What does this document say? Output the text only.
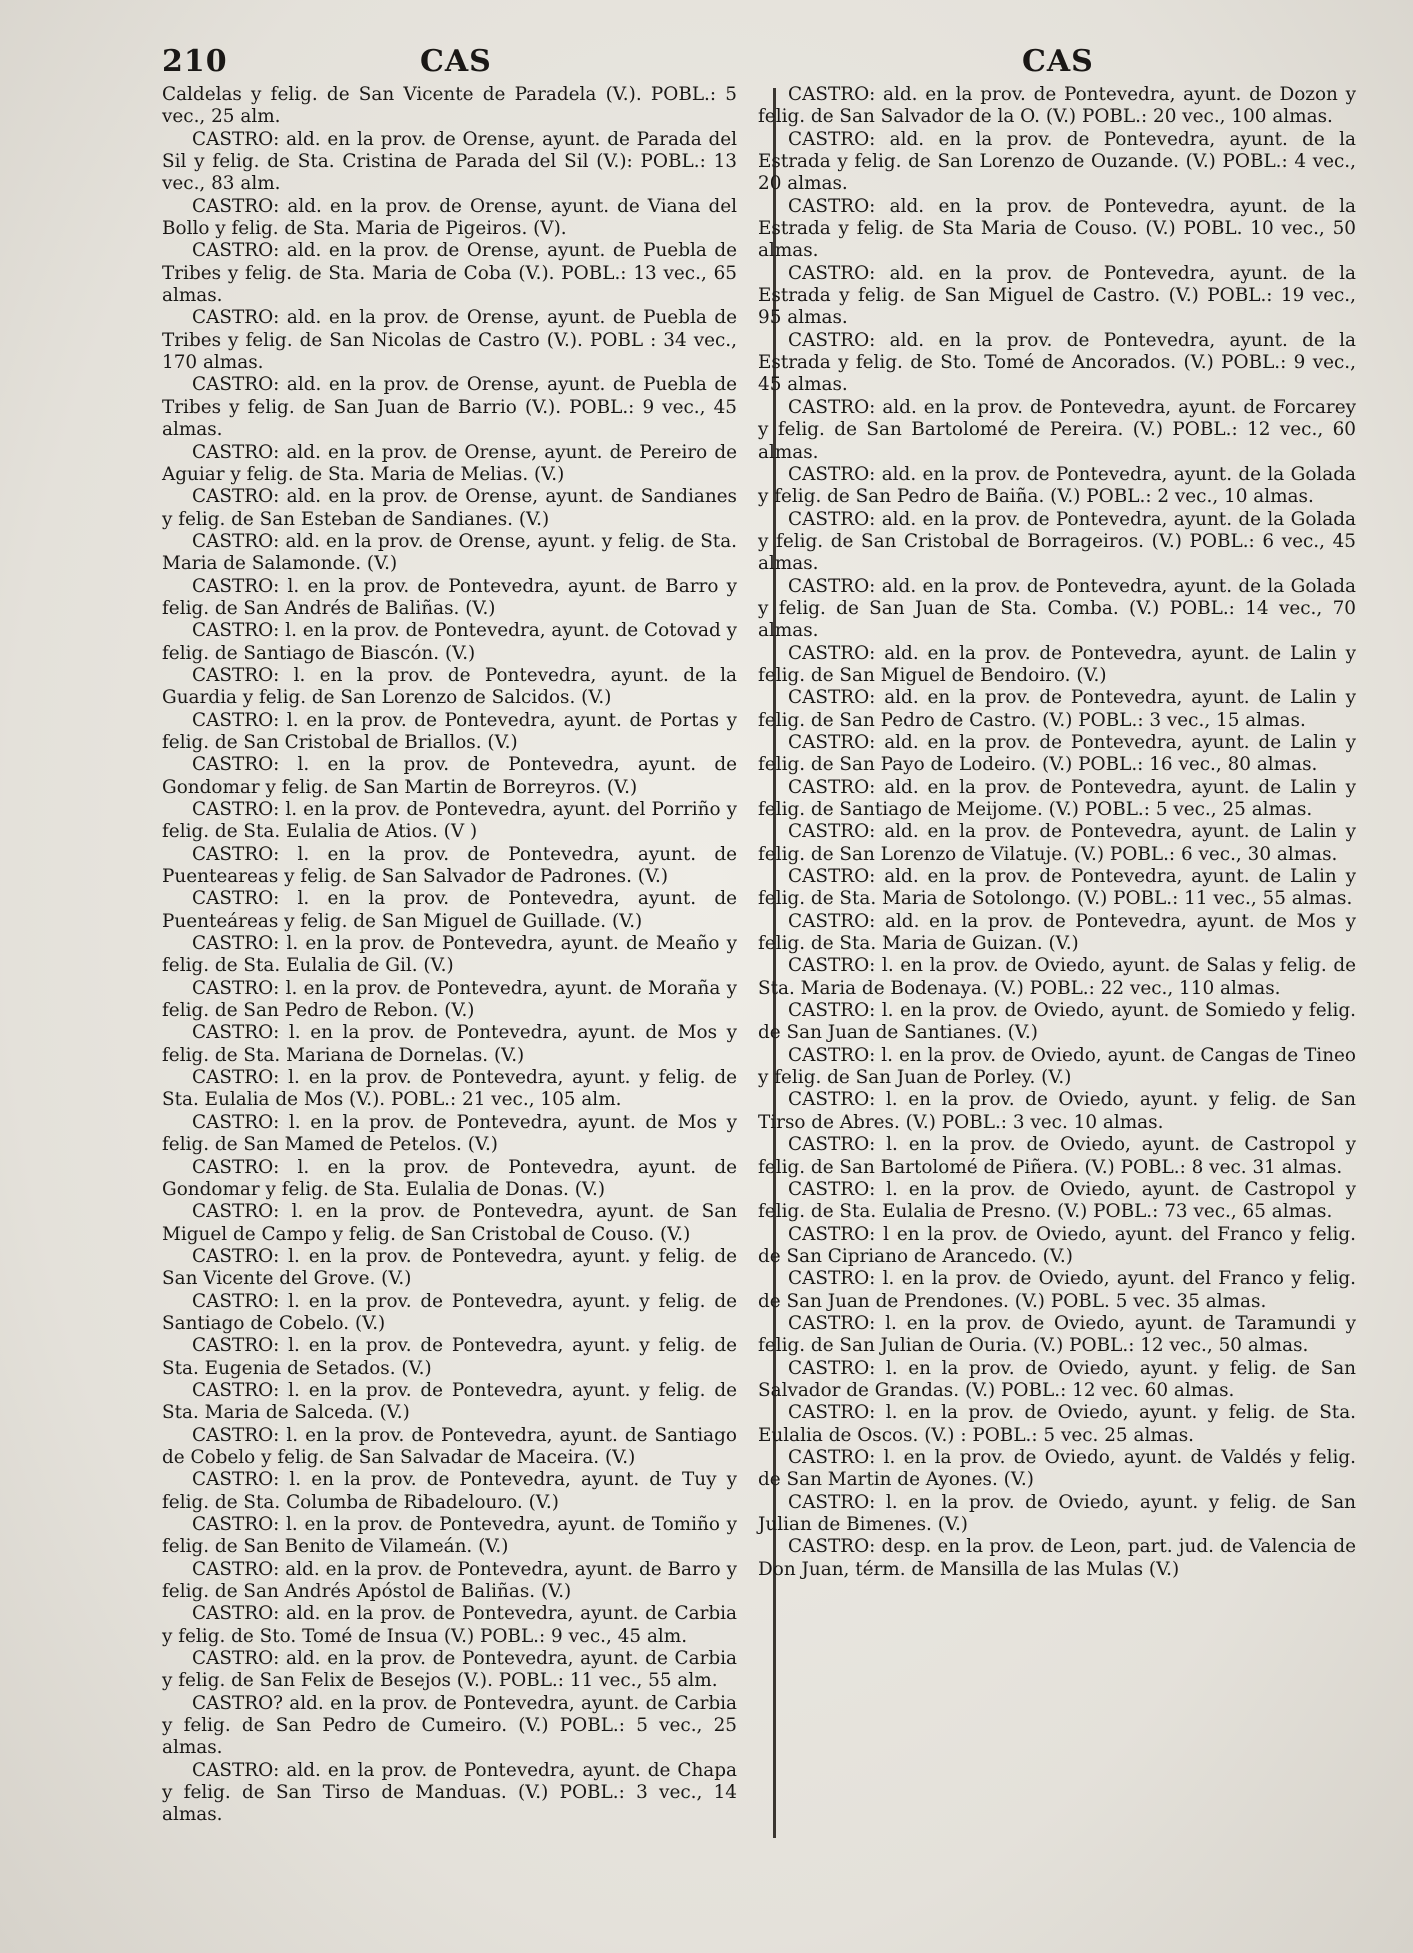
210	CAS	CAS

Caldelas y felig. de San Vicente de Paradela (V.). POBL.: 5 vec., 25 alm.

CASTRO: ald. en la prov. de Orense, ayunt. de Parada del Sil y felig. de Sta. Cristina de Parada del Sil (V.): POBL.: 13 vec., 83 alm.

CASTRO: ald. en la prov. de Orense, ayunt. de Viana del Bollo y felig. de Sta. Maria de Pigeiros. (V).

CASTRO: ald. en la prov. de Orense, ayunt. de Puebla de Tribes y felig. de Sta. Maria de Coba (V.). POBL.: 13 vec., 65 almas.

CASTRO: ald. en la prov. de Orense, ayunt. de Puebla de Tribes y felig. de San Nicolas de Castro (V.). POBL : 34 vec., 170 almas.

CASTRO: ald. en la prov. de Orense, ayunt. de Puebla de Tribes y felig. de San Juan de Barrio (V.). POBL.: 9 vec., 45 almas.

CASTRO: ald. en la prov. de Orense, ayunt. de Pereiro de Aguiar y felig. de Sta. Maria de Melias. (V.)

CASTRO: ald. en la prov. de Orense, ayunt. de Sandianes y felig. de San Esteban de Sandianes. (V.)

CASTRO: ald. en la prov. de Orense, ayunt. y felig. de Sta. Maria de Salamonde. (V.)

CASTRO: l. en la prov. de Pontevedra, ayunt. de Barro y felig. de San Andrés de Baliñas. (V.)

CASTRO: l. en la prov. de Pontevedra, ayunt. de Cotovad y felig. de Santiago de Biascón. (V.)

CASTRO: l. en la prov. de Pontevedra, ayunt. de la Guardia y felig. de San Lorenzo de Salcidos. (V.)

CASTRO: l. en la prov. de Pontevedra, ayunt. de Portas y felig. de San Cristobal de Briallos. (V.)

CASTRO: l. en la prov. de Pontevedra, ayunt. de Gondomar y felig. de San Martin de Borreyros. (V.)

CASTRO: l. en la prov. de Pontevedra, ayunt. del Porriño y felig. de Sta. Eulalia de Atios. (V )

CASTRO: l. en la prov. de Pontevedra, ayunt. de Puenteareas y felig. de San Salvador de Padrones. (V.)

CASTRO: l. en la prov. de Pontevedra, ayunt. de Puenteáreas y felig. de San Miguel de Guillade. (V.)

CASTRO: l. en la prov. de Pontevedra, ayunt. de Meaño y felig. de Sta. Eulalia de Gil. (V.)

CASTRO: l. en la prov. de Pontevedra, ayunt. de Moraña y felig. de San Pedro de Rebon. (V.)

CASTRO: l. en la prov. de Pontevedra, ayunt. de Mos y felig. de Sta. Mariana de Dornelas. (V.)

CASTRO: l. en la prov. de Pontevedra, ayunt. y felig. de Sta. Eulalia de Mos (V.). POBL.: 21 vec., 105 alm.

CASTRO: l. en la prov. de Pontevedra, ayunt. de Mos y felig. de San Mamed de Petelos. (V.)

CASTRO: l. en la prov. de Pontevedra, ayunt. de Gondomar y felig. de Sta. Eulalia de Donas. (V.)

CASTRO: l. en la prov. de Pontevedra, ayunt. de San Miguel de Campo y felig. de San Cristobal de Couso. (V.)

CASTRO: l. en la prov. de Pontevedra, ayunt. y felig. de San Vicente del Grove. (V.)

CASTRO: l. en la prov. de Pontevedra, ayunt. y felig. de Santiago de Cobelo. (V.)

CASTRO: l. en la prov. de Pontevedra, ayunt. y felig. de Sta. Eugenia de Setados. (V.)

CASTRO: l. en la prov. de Pontevedra, ayunt. y felig. de Sta. Maria de Salceda. (V.)

CASTRO: l. en la prov. de Pontevedra, ayunt. de Santiago de Cobelo y felig. de San Salvadar de Maceira. (V.)

CASTRO: l. en la prov. de Pontevedra, ayunt. de Tuy y felig. de Sta. Columba de Ribadelouro. (V.)

CASTRO: l. en la prov. de Pontevedra, ayunt. de Tomiño y felig. de San Benito de Vilameán. (V.)

CASTRO: ald. en la prov. de Pontevedra, ayunt. de Barro y felig. de San Andrés Apóstol de Baliñas. (V.)

CASTRO: ald. en la prov. de Pontevedra, ayunt. de Carbia y felig. de Sto. Tomé de Insua (V.) POBL.: 9 vec., 45 alm.

CASTRO: ald. en la prov. de Pontevedra, ayunt. de Carbia y felig. de San Felix de Besejos (V.). POBL.: 11 vec., 55 alm.

CASTRO? ald. en la prov. de Pontevedra, ayunt. de Carbia y felig. de San Pedro de Cumeiro. (V.) POBL.: 5 vec., 25 almas.

CASTRO: ald. en la prov. de Pontevedra, ayunt. de Chapa y felig. de San Tirso de Manduas. (V.) POBL.: 3 vec., 14 almas.

CASTRO: ald. en la prov. de Pontevedra, ayunt. de Dozon y felig. de San Salvador de la O. (V.) POBL.: 20 vec., 100 almas.

CASTRO: ald. en la prov. de Pontevedra, ayunt. de la Estrada y felig. de San Lorenzo de Ouzande. (V.) POBL.: 4 vec., 20 almas.

CASTRO: ald. en la prov. de Pontevedra, ayunt. de la Estrada y felig. de Sta Maria de Couso. (V.) POBL. 10 vec., 50 almas.

CASTRO: ald. en la prov. de Pontevedra, ayunt. de la Estrada y felig. de San Miguel de Castro. (V.) POBL.: 19 vec., 95 almas.

CASTRO: ald. en la prov. de Pontevedra, ayunt. de la Estrada y felig. de Sto. Tomé de Ancorados. (V.) POBL.: 9 vec., 45 almas.

CASTRO: ald. en la prov. de Pontevedra, ayunt. de Forcarey y felig. de San Bartolomé de Pereira. (V.) POBL.: 12 vec., 60 almas.

CASTRO: ald. en la prov. de Pontevedra, ayunt. de la Golada y felig. de San Pedro de Baiña. (V.) POBL.: 2 vec., 10 almas.

CASTRO: ald. en la prov. de Pontevedra, ayunt. de la Golada y felig. de San Cristobal de Borrageiros. (V.) POBL.: 6 vec., 45 almas.

CASTRO: ald. en la prov. de Pontevedra, ayunt. de la Golada y felig. de San Juan de Sta. Comba. (V.) POBL.: 14 vec., 70 almas.

CASTRO: ald. en la prov. de Pontevedra, ayunt. de Lalin y felig. de San Miguel de Bendoiro. (V.)

CASTRO: ald. en la prov. de Pontevedra, ayunt. de Lalin y felig. de San Pedro de Castro. (V.) POBL.: 3 vec., 15 almas.

CASTRO: ald. en la prov. de Pontevedra, ayunt. de Lalin y felig. de San Payo de Lodeiro. (V.) POBL.: 16 vec., 80 almas.

CASTRO: ald. en la prov. de Pontevedra, ayunt. de Lalin y felig. de Santiago de Meijome. (V.) POBL.: 5 vec., 25 almas.

CASTRO: ald. en la prov. de Pontevedra, ayunt. de Lalin y felig. de San Lorenzo de Vilatuje. (V.) POBL.: 6 vec., 30 almas.

CASTRO: ald. en la prov. de Pontevedra, ayunt. de Lalin y felig. de Sta. Maria de Sotolongo. (V.) POBL.: 11 vec., 55 almas.

CASTRO: ald. en la prov. de Pontevedra, ayunt. de Mos y felig. de Sta. Maria de Guizan. (V.)

CASTRO: l. en la prov. de Oviedo, ayunt. de Salas y felig. de Sta. Maria de Bodenaya. (V.) POBL.: 22 vec., 110 almas.

CASTRO: l. en la prov. de Oviedo, ayunt. de Somiedo y felig. de San Juan de Santianes. (V.)

CASTRO: l. en la prov. de Oviedo, ayunt. de Cangas de Tineo y felig. de San Juan de Porley. (V.)

CASTRO: l. en la prov. de Oviedo, ayunt. y felig. de San Tirso de Abres. (V.) POBL.: 3 vec. 10 almas.

CASTRO: l. en la prov. de Oviedo, ayunt. de Castropol y felig. de San Bartolomé de Piñera. (V.) POBL.: 8 vec. 31 almas.

CASTRO: l. en la prov. de Oviedo, ayunt. de Castropol y felig. de Sta. Eulalia de Presno. (V.) POBL.: 73 vec., 65 almas.

CASTRO: l en la prov. de Oviedo, ayunt. del Franco y felig. de San Cipriano de Arancedo. (V.)

CASTRO: l. en la prov. de Oviedo, ayunt. del Franco y felig. de San Juan de Prendones. (V.) POBL. 5 vec. 35 almas.

CASTRO: l. en la prov. de Oviedo, ayunt. de Taramundi y felig. de San Julian de Ouria. (V.) POBL.: 12 vec., 50 almas.

CASTRO: l. en la prov. de Oviedo, ayunt. y felig. de San Salvador de Grandas. (V.) POBL.: 12 vec. 60 almas.

CASTRO: l. en la prov. de Oviedo, ayunt. y felig. de Sta. Eulalia de Oscos. (V.) : POBL.: 5 vec. 25 almas.

CASTRO: l. en la prov. de Oviedo, ayunt. de Valdés y felig. de San Martin de Ayones. (V.)

CASTRO: l. en la prov. de Oviedo, ayunt. y felig. de San Julian de Bimenes. (V.)

CASTRO: desp. en la prov. de Leon, part. jud. de Valencia de Don Juan, térm. de Mansilla de las Mulas (V.)
